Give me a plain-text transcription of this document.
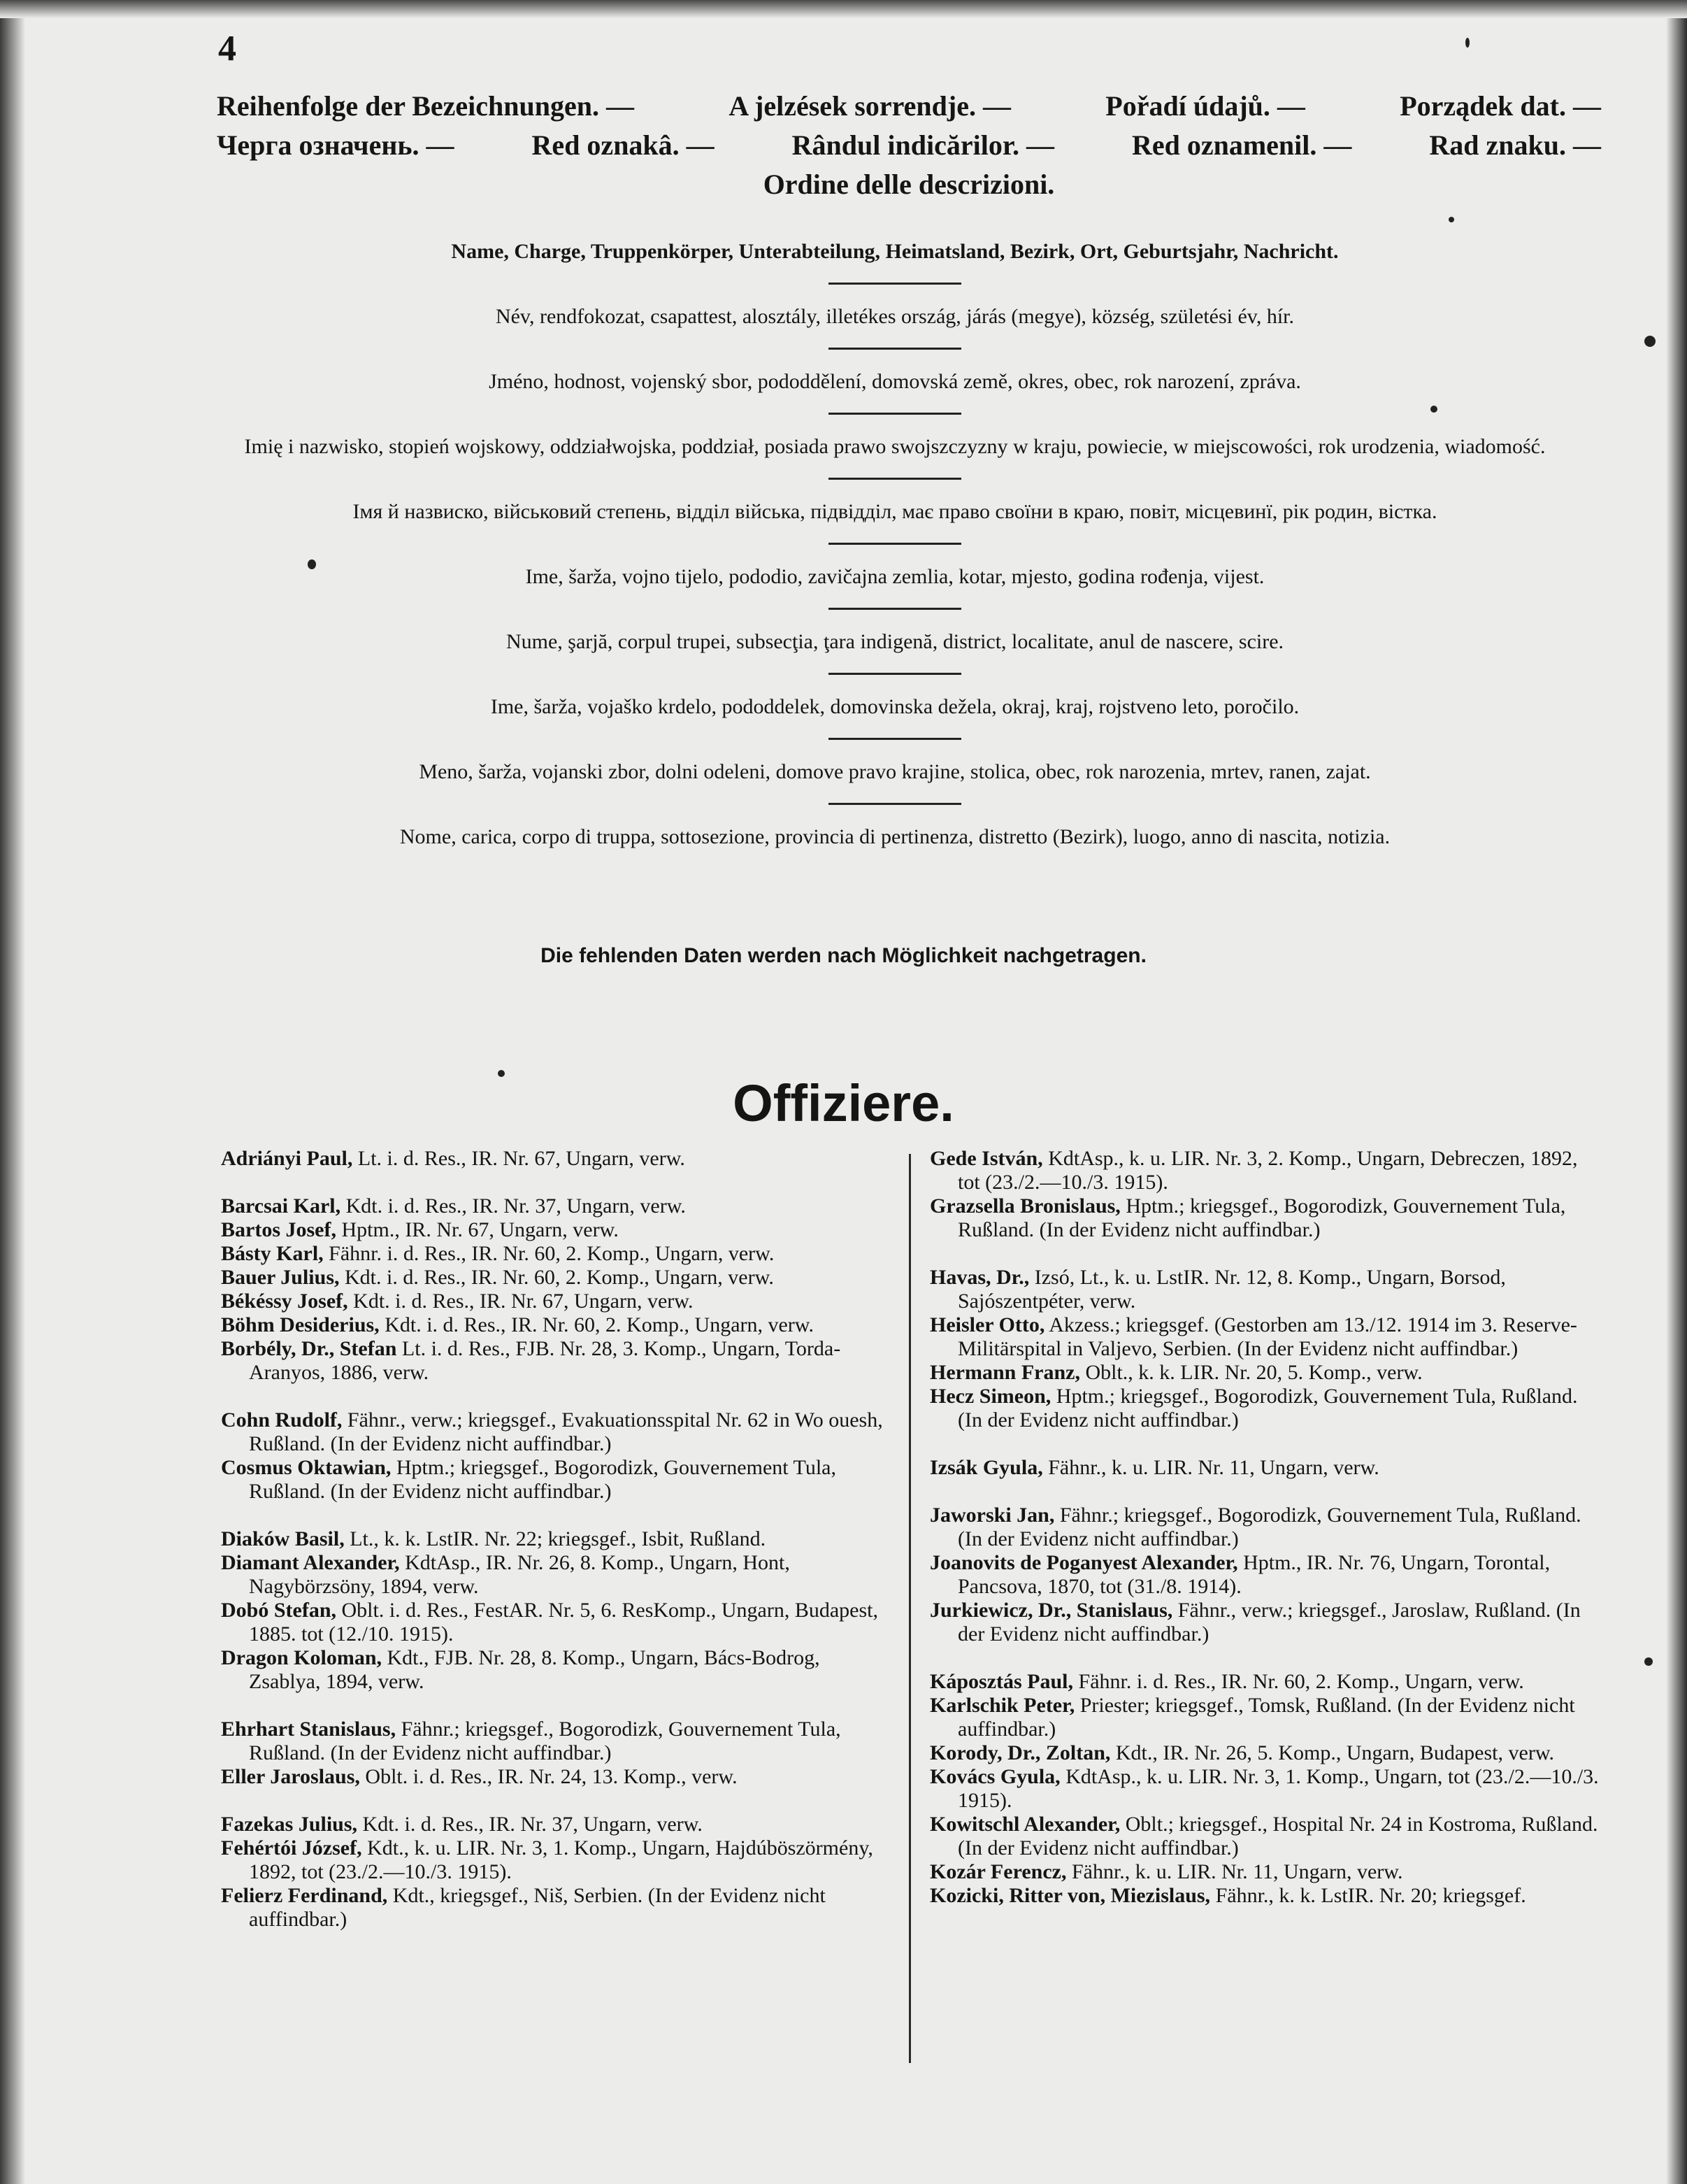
4
Reihenfolge der Bezeichnungen. —	A jelzések sorrendje. —	Pořadí údajů. —	Porządek dat. —
Черга означень. —	Red oznakâ. —	Rândul indicărilor. —	Red oznamenil. —	Rad znaku. —
Ordine delle descrizioni.
Name, Charge, Truppenkörper, Unterabteilung, Heimatsland, Bezirk, Ort, Geburtsjahr, Nachricht.
Név, rendfokozat, csapattest, alosztály, illetékes ország, járás (megye), község, születési év, hír.
Jméno, hodnost, vojenský sbor, pododdělení, domovská země, okres, obec, rok narození, zpráva.
Imię i nazwisko, stopień wojskowy, oddziałwojska, poddział, posiada prawo swojszczyzny w kraju, powiecie, w miejscowości, rok urodzenia, wiadomość.
Імя й назвиско, військовий степень, відділ війська, підвідділ, має право своїни в краю, повіт, місцевинї, рік родин, вістка.
Ime, šarža, vojno tijelo, pododio, zavičajna zemlia, kotar, mjesto, godina rođenja, vijest.
Nume, şarjă, corpul trupei, subsecţia, ţara indigenă, district, localitate, anul de nascere, scire.
Ime, šarža, vojaško krdelo, pododdelek, domovinska dežela, okraj, kraj, rojstveno leto, poročilo.
Meno, šarža, vojanski zbor, dolni odeleni, domove pravo krajine, stolica, obec, rok narozenia, mrtev, ranen, zajat.
Nome, carica, corpo di truppa, sottosezione, provincia di pertinenza, distretto (Bezirk), luogo, anno di nascita, notizia.
Die fehlenden Daten werden nach Möglichkeit nachgetragen.
Offiziere.

Adriányi Paul, Lt. i. d. Res., IR. Nr. 67, Ungarn, verw.

Barcsai Karl, Kdt. i. d. Res., IR. Nr. 37, Ungarn, verw.

Bartos Josef, Hptm., IR. Nr. 67, Ungarn, verw.

Básty Karl, Fähnr. i. d. Res., IR. Nr. 60, 2. Komp., Ungarn, verw.

Bauer Julius, Kdt. i. d. Res., IR. Nr. 60, 2. Komp., Ungarn, verw.

Békéssy Josef, Kdt. i. d. Res., IR. Nr. 67, Ungarn, verw.

Böhm Desiderius, Kdt. i. d. Res., IR. Nr. 60, 2. Komp., Ungarn, verw.

Borbély, Dr., Stefan Lt. i. d. Res., FJB. Nr. 28, 3. Komp., Ungarn, Torda-Aranyos, 1886, verw.

Cohn Rudolf, Fähnr., verw.; kriegsgef., Evakuationsspital Nr. 62 in Wo ouesh, Rußland. (In der Evidenz nicht auffindbar.)

Cosmus Oktawian, Hptm.; kriegsgef., Bogorodizk, Gouvernement Tula, Rußland. (In der Evidenz nicht auffindbar.)

Diaków Basil, Lt., k. k. LstIR. Nr. 22; kriegsgef., Isbit, Rußland.

Diamant Alexander, KdtAsp., IR. Nr. 26, 8. Komp., Ungarn, Hont, Nagybörzsöny, 1894, verw.

Dobó Stefan, Oblt. i. d. Res., FestAR. Nr. 5, 6. ResKomp., Ungarn, Budapest, 1885. tot (12./10. 1915).

Dragon Koloman, Kdt., FJB. Nr. 28, 8. Komp., Ungarn, Bács-Bodrog, Zsablya, 1894, verw.

Ehrhart Stanislaus, Fähnr.; kriegsgef., Bogorodizk, Gouvernement Tula, Rußland. (In der Evidenz nicht auffindbar.)

Eller Jaroslaus, Oblt. i. d. Res., IR. Nr. 24, 13. Komp., verw.

Fazekas Julius, Kdt. i. d. Res., IR. Nr. 37, Ungarn, verw.

Fehértói József, Kdt., k. u. LIR. Nr. 3, 1. Komp., Ungarn, Hajdúböszörmény, 1892, tot (23./2.—10./3. 1915).

Felierz Ferdinand, Kdt., kriegsgef., Niš, Serbien. (In der Evidenz nicht auffindbar.)

Gede István, KdtAsp., k. u. LIR. Nr. 3, 2. Komp., Ungarn, Debreczen, 1892, tot (23./2.—10./3. 1915).

Grazsella Bronislaus, Hptm.; kriegsgef., Bogorodizk, Gouvernement Tula, Rußland. (In der Evidenz nicht auffindbar.)

Havas, Dr., Izsó, Lt., k. u. LstIR. Nr. 12, 8. Komp., Ungarn, Borsod, Sajószentpéter, verw.

Heisler Otto, Akzess.; kriegsgef. (Gestorben am 13./12. 1914 im 3. Reserve-Militärspital in Valjevo, Serbien. (In der Evidenz nicht auffindbar.)

Hermann Franz, Oblt., k. k. LIR. Nr. 20, 5. Komp., verw.

Hecz Simeon, Hptm.; kriegsgef., Bogorodizk, Gouvernement Tula, Rußland. (In der Evidenz nicht auffindbar.)

Izsák Gyula, Fähnr., k. u. LIR. Nr. 11, Ungarn, verw.

Jaworski Jan, Fähnr.; kriegsgef., Bogorodizk, Gouvernement Tula, Rußland. (In der Evidenz nicht auffindbar.)

Joanovits de Poganyest Alexander, Hptm., IR. Nr. 76, Ungarn, Torontal, Pancsova, 1870, tot (31./8. 1914).

Jurkiewicz, Dr., Stanislaus, Fähnr., verw.; kriegsgef., Jaroslaw, Rußland. (In der Evidenz nicht auffindbar.)

Káposztás Paul, Fähnr. i. d. Res., IR. Nr. 60, 2. Komp., Ungarn, verw.

Karlschik Peter, Priester; kriegsgef., Tomsk, Rußland. (In der Evidenz nicht auffindbar.)

Korody, Dr., Zoltan, Kdt., IR. Nr. 26, 5. Komp., Ungarn, Budapest, verw.

Kovács Gyula, KdtAsp., k. u. LIR. Nr. 3, 1. Komp., Ungarn, tot (23./2.—10./3. 1915).

Kowitschl Alexander, Oblt.; kriegsgef., Hospital Nr. 24 in Kostroma, Rußland. (In der Evidenz nicht auffindbar.)

Kozár Ferencz, Fähnr., k. u. LIR. Nr. 11, Ungarn, verw.

Kozicki, Ritter von, Miezislaus, Fähnr., k. k. LstIR. Nr. 20; kriegsgef.
